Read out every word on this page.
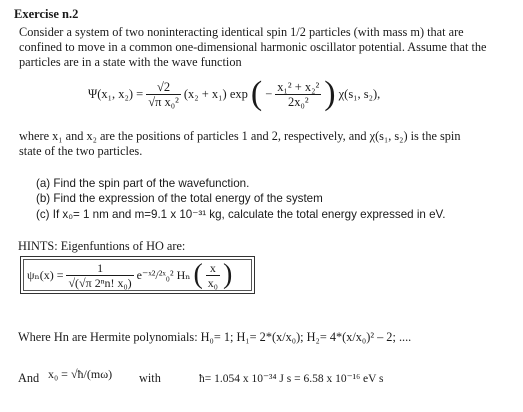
Exercise n.2
Consider a system of two noninteracting identical spin 1/2 particles (with mass m) that are
confined to move in a common one-dimensional harmonic oscillator potential. Assume that the
particles are in a state with the wave function
Ψ(x₁, $x_2) = \frac{√2}{\text{√π x₀²}} (x_2 + x_1)$ exp ( − $\frac{\text{x₁² + x₂²}}{\text{2x₀²}}$ ) χ(s₁, s₂),
where x₁ and x₂ are the positions of particles 1 and 2, respectively, and χ(s₁, s₂) is the spin
state of the two particles.
(a) Find the spin part of the wavefunction.
(b) Find the expression of the total energy of the system
(c) If x₀= 1 nm and m=9.1 x 10⁻³¹ kg, calculate the total energy expressed in eV.
HINTS: Eigenfuntions of HO are:
$\psi_n(x) = \frac{1}{\text{√(√π 2ⁿn! x₀)}}$ e⁻ˣ²/²ˣ₀² Hₙ ( $\frac{x}{\text{x₀}}$ )
Where Hn are Hermite polynomials: H₀= 1; H₁= 2*(x/x₀); H₂= 4*(x/x₀)² – 2; ....
And x₀ = √ħ/(mω) with	ħ= 1.054 x 10⁻³⁴ J s = 6.58 x 10⁻¹⁶ eV s
